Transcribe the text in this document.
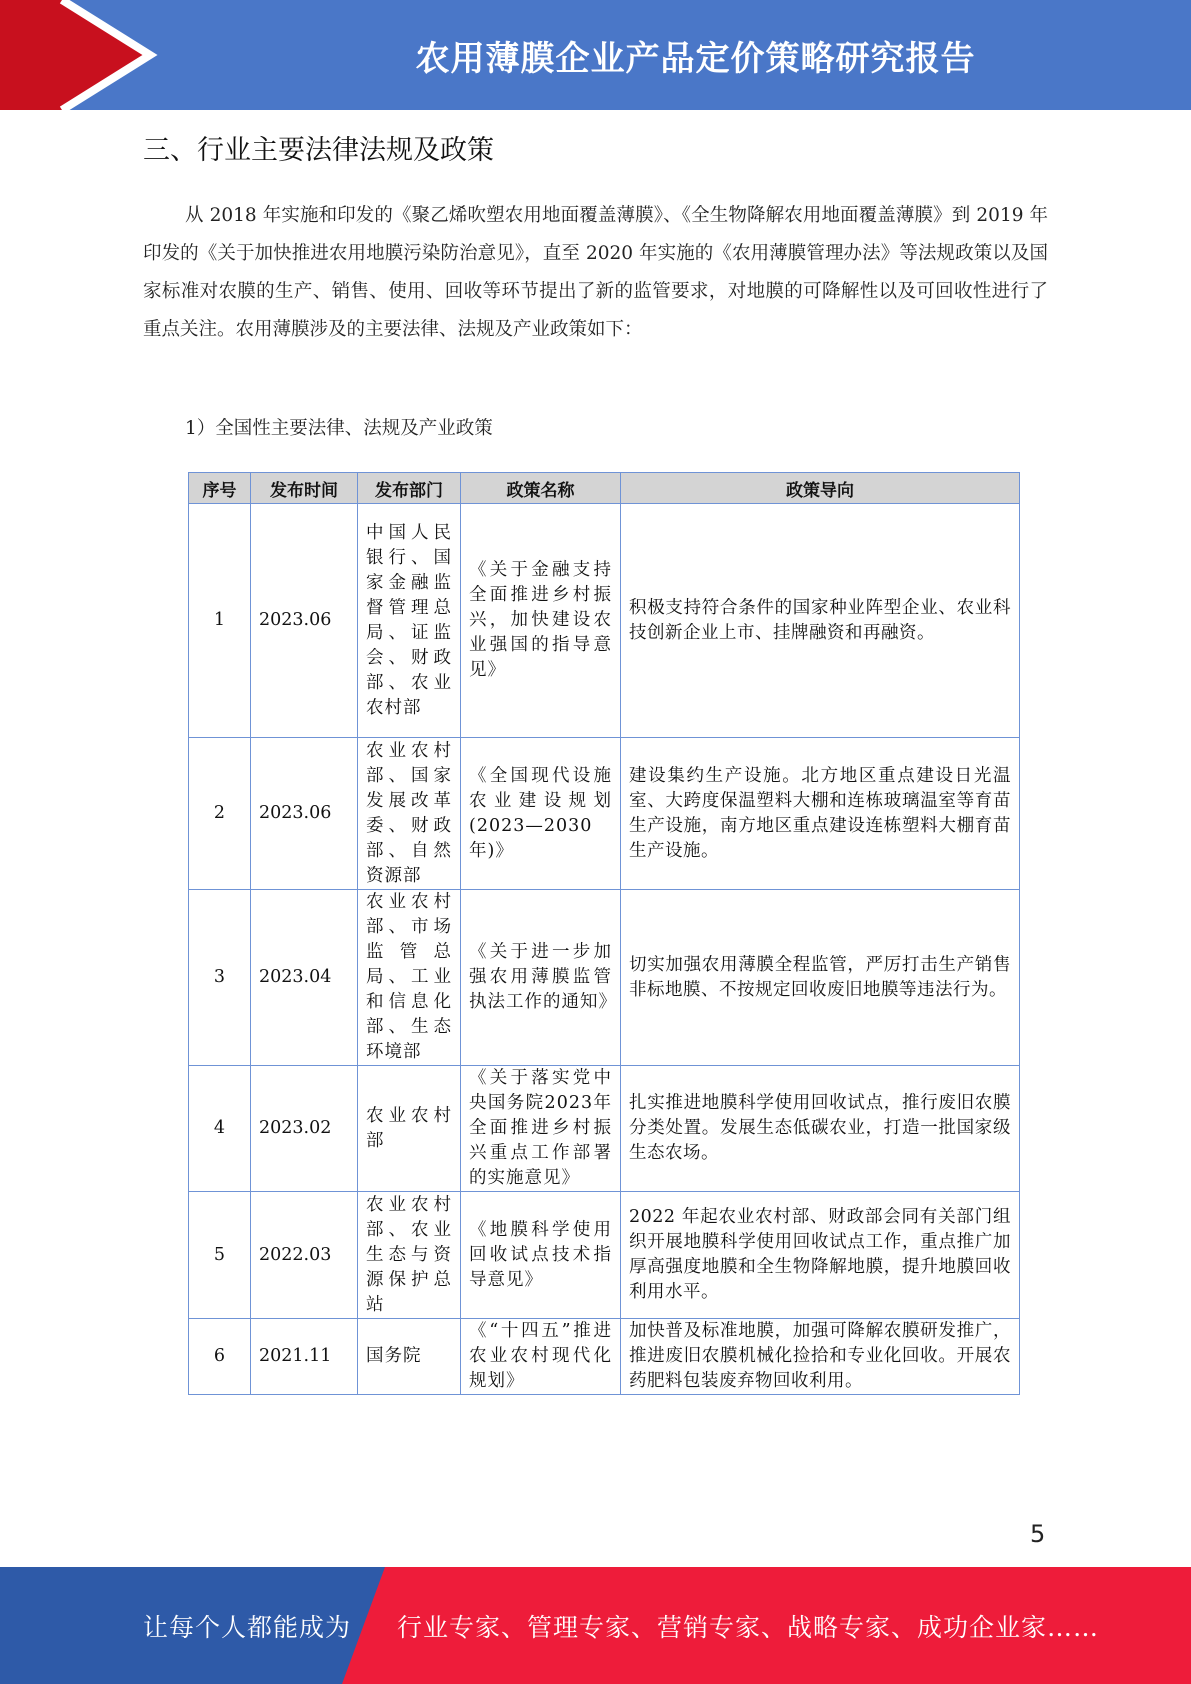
农用薄膜企业产品定价策略研究报告
三、行业主要法律法规及政策
从 2018 年实施和印发的《聚乙烯吹塑农用地面覆盖薄膜》、《全生物降解农用地面覆盖薄膜》到 2019 年印发的《关于加快推进农用地膜污染防治意见》，直至 2020 年实施的《农用薄膜管理办法》等法规政策以及国家标准对农膜的生产、销售、使用、回收等环节提出了新的监管要求，对地膜的可降解性以及可回收性进行了重点关注。农用薄膜涉及的主要法律、法规及产业政策如下：
1）全国性主要法律、法规及产业政策
序号	发布时间	发布部门	政策名称	政策导向
1	2023.06	中国人民银行、国家金融监督管理总局、证监会、财政部、农业农村部	《关于金融支持全面推进乡村振兴，加快建设农业强国的指导意见》	积极支持符合条件的国家种业阵型企业、农业科技创新企业上市、挂牌融资和再融资。
2	2023.06	农业农村部、国家发展改革委、财政部、自然资源部	《全国现代设施农业建设规划(2023—2030 年)》	建设集约生产设施。北方地区重点建设日光温室、大跨度保温塑料大棚和连栋玻璃温室等育苗生产设施，南方地区重点建设连栋塑料大棚育苗生产设施。
3	2023.04	农业农村部、市场监管总局、工业和信息化部、生态环境部	《关于进一步加强农用薄膜监管执法工作的通知》	切实加强农用薄膜全程监管，严厉打击生产销售非标地膜、不按规定回收废旧地膜等违法行为。
4	2023.02	农业农村部	《关于落实党中央国务院2023年全面推进乡村振兴重点工作部署的实施意见》	扎实推进地膜科学使用回收试点，推行废旧农膜分类处置。发展生态低碳农业，打造一批国家级生态农场。
5	2022.03	农业农村部、农业生态与资源保护总站	《地膜科学使用回收试点技术指导意见》	2022 年起农业农村部、财政部会同有关部门组织开展地膜科学使用回收试点工作，重点推广加厚高强度地膜和全生物降解地膜，提升地膜回收利用水平。
6	2021.11	国务院	《“十四五”推进农业农村现代化规划》	加快普及标准地膜，加强可降解农膜研发推广，推进废旧农膜机械化捡拾和专业化回收。开展农药肥料包装废弃物回收利用。
5
让每个人都能成为 行业专家、管理专家、营销专家、战略专家、成功企业家……
